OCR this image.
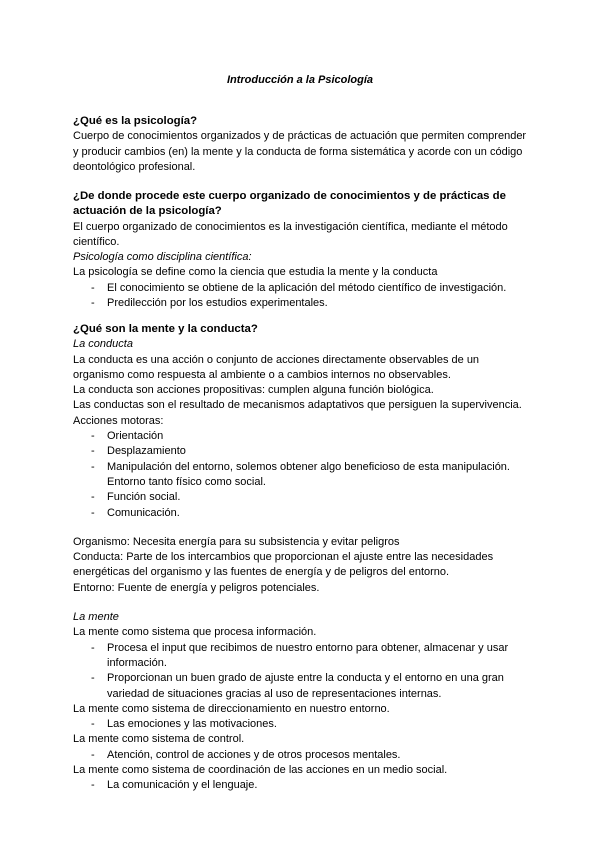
Introducción a la Psicología
¿Qué es la psicología?
Cuerpo de conocimientos organizados y de prácticas de actuación que permiten comprender y producir cambios (en) la mente y la conducta de forma sistemática y acorde con un código deontológico profesional.
¿De donde procede este cuerpo organizado de conocimientos y de prácticas de actuación de la psicología?
El cuerpo organizado de conocimientos es la investigación científica, mediante el método científico.
Psicología como disciplina científica:
La psicología se define como la ciencia que estudia la mente y la conducta
- El conocimiento se obtiene de la aplicación del método científico de investigación.
- Predilección por los estudios experimentales.
¿Qué son la mente y la conducta?
La conducta
La conducta es una acción o conjunto de acciones directamente observables de un organismo como respuesta al ambiente o a cambios internos no observables.
La conducta son acciones propositivas: cumplen alguna función biológica.
Las conductas son el resultado de mecanismos adaptativos que persiguen la supervivencia.
Acciones motoras:
- Orientación
- Desplazamiento
- Manipulación del entorno, solemos obtener algo beneficioso de esta manipulación. Entorno tanto físico como social.
- Función social.
- Comunicación.
Organismo: Necesita energía para su subsistencia y evitar peligros
Conducta: Parte de los intercambios que proporcionan el ajuste entre las necesidades energéticas del organismo y las fuentes de energía y de peligros del entorno.
Entorno: Fuente de energía y peligros potenciales.
La mente
La mente como sistema que procesa información.
- Procesa el input que recibimos de nuestro entorno para obtener, almacenar y usar información.
- Proporcionan un buen grado de ajuste entre la conducta y el entorno en una gran variedad de situaciones gracias al uso de representaciones internas.
La mente como sistema de direccionamiento en nuestro entorno.
- Las emociones y las motivaciones.
La mente como sistema de control.
- Atención, control de acciones y de otros procesos mentales.
La mente como sistema de coordinación de las acciones en un medio social.
- La comunicación y el lenguaje.
